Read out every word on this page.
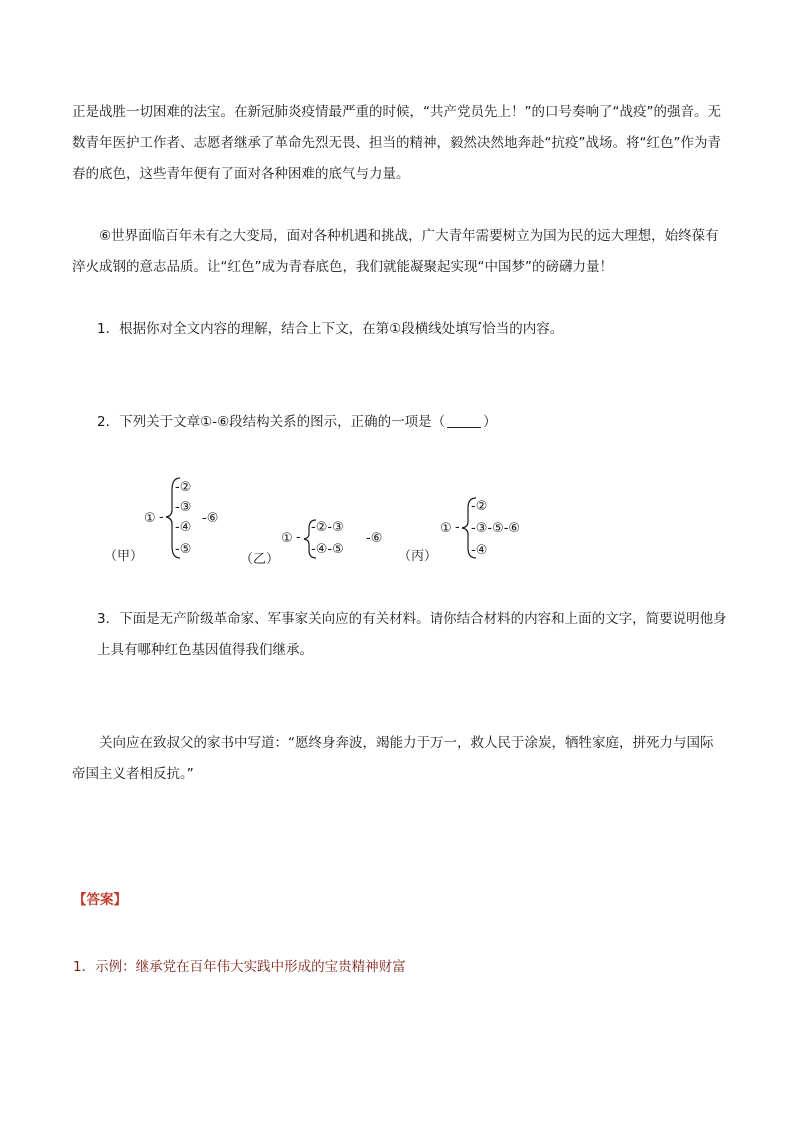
正是战胜一切困难的法宝。在新冠肺炎疫情最严重的时候，“共产党员先上！”的口号奏响了“战疫”的强音。无数青年医护工作者、志愿者继承了革命先烈无畏、担当的精神，毅然决然地奔赴“抗疫”战场。将“红色”作为青春的底色，这些青年便有了面对各种困难的底气与力量。

⑥世界面临百年未有之大变局，面对各种机遇和挑战，广大青年需要树立为国为民的远大理想，始终葆有淬火成钢的意志品质。让“红色”成为青春底色，我们就能凝聚起实现“中国梦”的磅礴力量！

1．根据你对全文内容的理解，结合上下文，在第①段横线处填写恰当的内容。

2．下列关于文章①-⑥段结构关系的图示，正确的一项是（	）

（甲）
① -
-②
-③
-④
-⑤
-⑥
（乙）
① -
-②-③
-④-⑤
-⑥
（丙）
① -
-②
-③-⑤-⑥
-④

3．下面是无产阶级革命家、军事家关向应的有关材料。请你结合材料的内容和上面的文字，简要说明他身上具有哪种红色基因值得我们继承。

关向应在致叔父的家书中写道：“愿终身奔波，竭能力于万一，救人民于涂炭，牺牲家庭，拼死力与国际帝国主义者相反抗。”

【答案】
1．示例：继承党在百年伟大实践中形成的宝贵精神财富
